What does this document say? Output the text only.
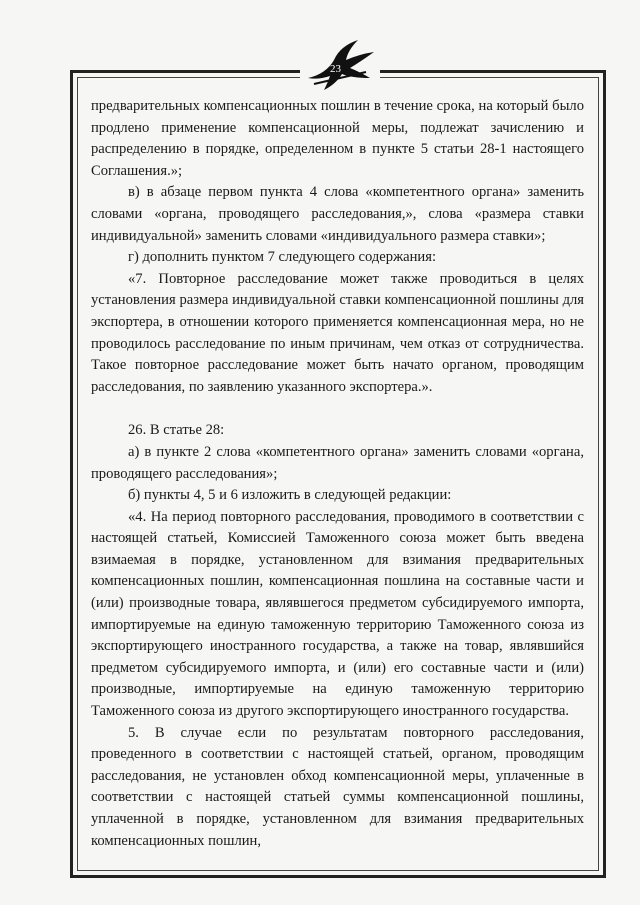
23

предварительных компенсационных пошлин в течение срока, на который было продлено применение компенсационной меры, подлежат зачислению и распределению в порядке, определенном в пункте 5 статьи 28-1 настоящего Соглашения.»;

в) в абзаце первом пункта 4 слова «компетентного органа» заменить словами «органа, проводящего расследования,», слова «размера ставки индивидуальной» заменить словами «индивидуального размера ставки»;

г) дополнить пунктом 7 следующего содержания:

«7. Повторное расследование может также проводиться в целях установления размера индивидуальной ставки компенсационной пошлины для экспортера, в отношении которого применяется компенсационная мера, но не проводилось расследование по иным причинам, чем отказ от сотрудничества. Такое повторное расследование может быть начато органом, проводящим расследования, по заявлению указанного экспортера.».

26. В статье 28:

а) в пункте 2 слова «компетентного органа» заменить словами «органа, проводящего расследования»;

б) пункты 4, 5 и 6 изложить в следующей редакции:

«4. На период повторного расследования, проводимого в соответствии с настоящей статьей, Комиссией Таможенного союза может быть введена взимаемая в порядке, установленном для взимания предварительных компенсационных пошлин, компенсационная пошлина на составные части и (или) производные товара, являвшегося предметом субсидируемого импорта, импортируемые на единую таможенную территорию Таможенного союза из экспортирующего иностранного государства, а также на товар, являвшийся предметом субсидируемого импорта, и (или) его составные части и (или) производные, импортируемые на единую таможенную территорию Таможенного союза из другого экспортирующего иностранного государства.

5. В случае если по результатам повторного расследования, проведенного в соответствии с настоящей статьей, органом, проводящим расследования, не установлен обход компенсационной меры, уплаченные в соответствии с настоящей статьей суммы компенсационной пошлины, уплаченной в порядке, установленном для взимания предварительных компенсационных пошлин,
